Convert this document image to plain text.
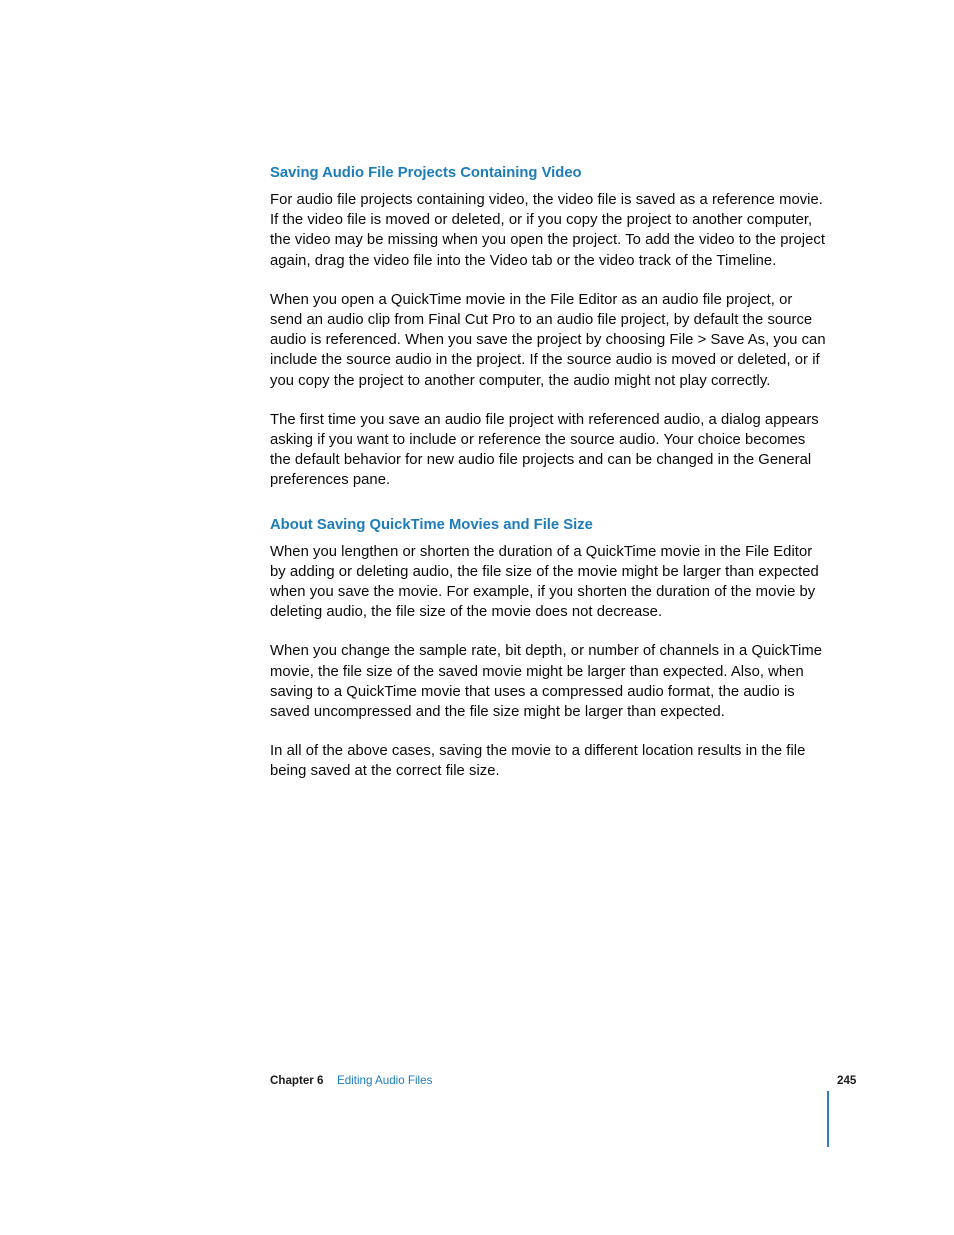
Saving Audio File Projects Containing Video

For audio file projects containing video, the video file is saved as a reference movie. If the video file is moved or deleted, or if you copy the project to another computer, the video may be missing when you open the project. To add the video to the project again, drag the video file into the Video tab or the video track of the Timeline.

When you open a QuickTime movie in the File Editor as an audio file project, or send an audio clip from Final Cut Pro to an audio file project, by default the source audio is referenced. When you save the project by choosing File > Save As, you can include the source audio in the project. If the source audio is moved or deleted, or if you copy the project to another computer, the audio might not play correctly.

The first time you save an audio file project with referenced audio, a dialog appears asking if you want to include or reference the source audio. Your choice becomes the default behavior for new audio file projects and can be changed in the General preferences pane.

About Saving QuickTime Movies and File Size

When you lengthen or shorten the duration of a QuickTime movie in the File Editor by adding or deleting audio, the file size of the movie might be larger than expected when you save the movie. For example, if you shorten the duration of the movie by deleting audio, the file size of the movie does not decrease.

When you change the sample rate, bit depth, or number of channels in a QuickTime movie, the file size of the saved movie might be larger than expected. Also, when saving to a QuickTime movie that uses a compressed audio format, the audio is saved uncompressed and the file size might be larger than expected.

In all of the above cases, saving the movie to a different location results in the file being saved at the correct file size.

Chapter 6 Editing Audio Files	245
